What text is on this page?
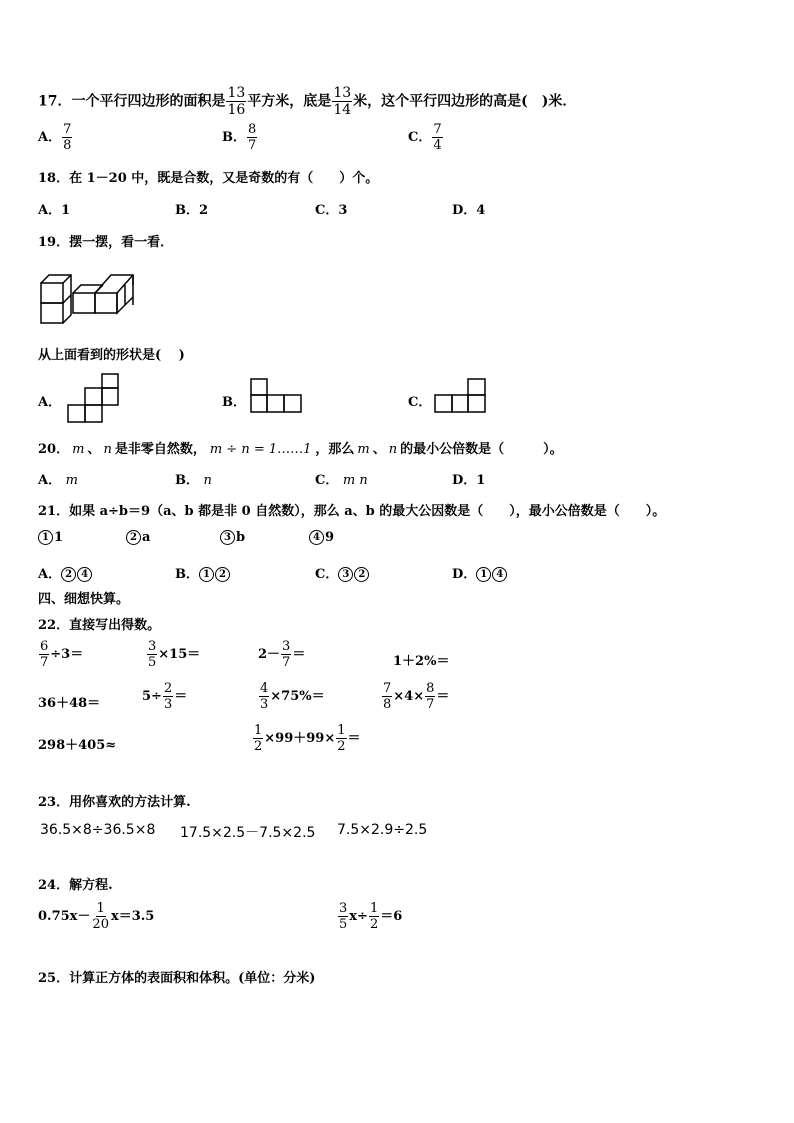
17．一个平行四边形的面积是 $\frac{13}{16}$ 平方米，底是 $\frac{13}{14}$ 米，这个平行四边形的高是(　)米．
A． $\frac{7}{8}$	B． $\frac{8}{7}$	C． $\frac{7}{4}$
18．在 1－20 中，既是合数，又是奇数的有（　　）个。
A．1	B．2	C．3	D．4
19．摆一摆，看一看．
从上面看到的形状是(　 )
A．	B．	C．
20． m 、 n 是非零自然数， m ÷ n = 1……1 ，那么 m 、 n 的最小公倍数是（　　　）。
A． m	B． n	C． m n	D．1
21．如果 a÷b＝9（a、b 都是非 0 自然数），那么 a、b 的最大公因数是（　　），最小公倍数是（　　）。
1 1	2 a	3 b	4 9
A． 2 4	B． 1 2	C． 3 2	D． 1 4
四、细想快算。
22．直接写出得数。
$\frac{6}{7} \div 3=$	$\frac{3}{5} \times 15=$	$2- \frac{3}{7}$ ＝	1＋2%＝
36＋48＝	$5\div \frac{2}{3}$ ＝	$\frac{4}{3} \times 75\%=$	$\frac{7}{8} \times 4\times \frac{8}{7}$ ＝
298＋405≈	$\frac{1}{2} \times 99+99\times \frac{1}{2}$ ＝
23．用你喜欢的方法计算.
36.5×8÷36.5×8 17.5×2.5－7.5×2.5 7.5×2.9÷2.5
24．解方程.
$0.75x- \frac{1}{20} x=3.5$	$\frac{3}{5} x\div \frac{1}{2} =6$
25．计算正方体的表面积和体积。(单位：分米)
